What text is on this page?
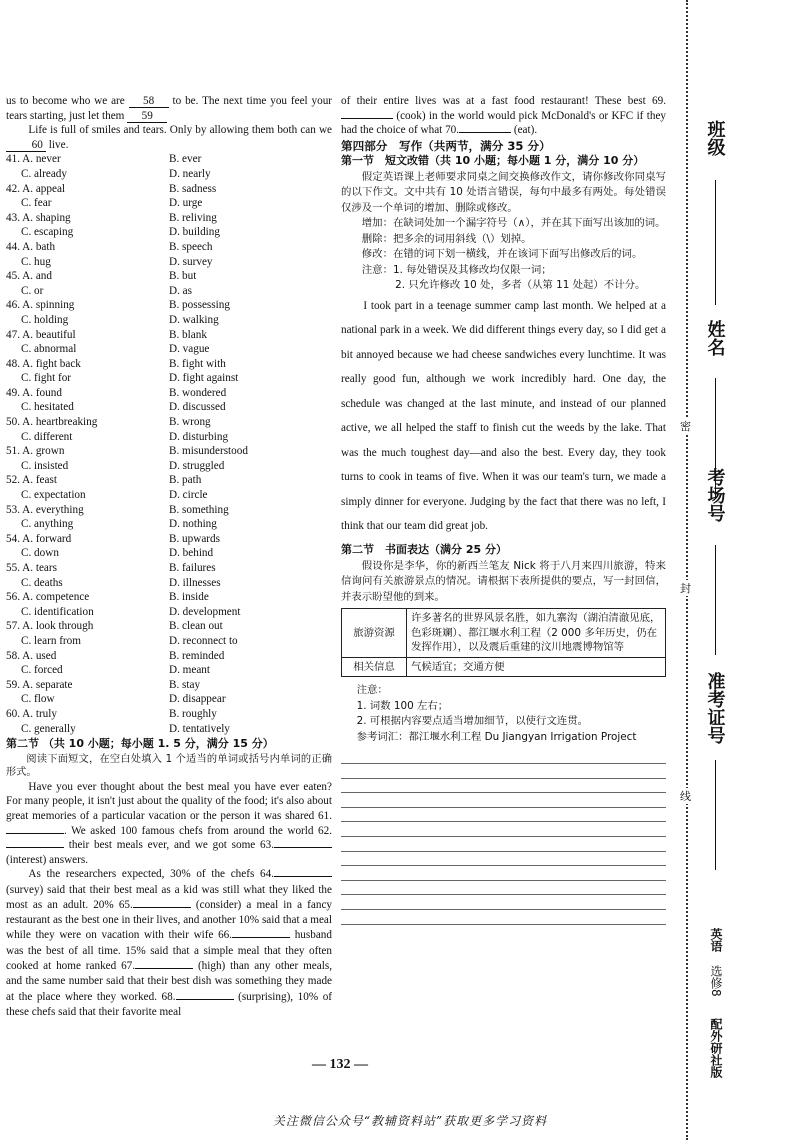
us to become who we are 58 to be. The next time you feel your tears starting, just let them 59

Life is full of smiles and tears. Only by allowing them both can we 60 live.

41. A. never	B. ever
C. already	D. nearly
42. A. appeal	B. sadness
C. fear	D. urge
43. A. shaping	B. reliving
C. escaping	D. building
44. A. bath	B. speech
C. hug	D. survey
45. A. and	B. but
C. or	D. as
46. A. spinning	B. possessing
C. holding	D. walking
47. A. beautiful	B. blank
C. abnormal	D. vague
48. A. fight back	B. fight with
C. fight for	D. fight against
49. A. found	B. wondered
C. hesitated	D. discussed
50. A. heartbreaking	B. wrong
C. different	D. disturbing
51. A. grown	B. misunderstood
C. insisted	D. struggled
52. A. feast	B. path
C. expectation	D. circle
53. A. everything	B. something
C. anything	D. nothing
54. A. forward	B. upwards
C. down	D. behind
55. A. tears	B. failures
C. deaths	D. illnesses
56. A. competence	B. inside
C. identification	D. development
57. A. look through	B. clean out
C. learn from	D. reconnect to
58. A. used	B. reminded
C. forced	D. meant
59. A. separate	B. stay
C. flow	D. disappear
60. A. truly	B. roughly
C. generally	D. tentatively
第二节 （共 10 小题；每小题 1. 5 分，满分 15 分）

阅读下面短文，在空白处填入 1 个适当的单词或括号内单词的正确形式。

Have you ever thought about the best meal you have ever eaten? For many people, it isn't just about the quality of the food; it's also about great memories of a particular vacation or the person it was shared 61.. We asked 100 famous chefs from around the world 62. their best meals ever, and we got some 63. (interest) answers.

As the researchers expected, 30% of the chefs 64. (survey) said that their best meal as a kid was still what they liked the most as an adult. 20% 65.	(consider) a meal in a fancy restaurant as the best one in their lives, and another 10% said that a meal while they were on vacation with their wife 66.	husband was the best of all time. 15% said that a simple meal that they often cooked at home ranked 67.	(high) than any other meals, and the same number said that their best dish was something they made at the place where they worked. 68.	(surprising), 10% of these chefs said that their favorite meal

of their entire lives was at a fast food restaurant! These best 69. (cook) in the world would pick McDonald's or KFC if they had the choice of what 70.	(eat).

第四部分　写作（共两节，满分 35 分）
第一节　短文改错（共 10 小题；每小题 1 分，满分 10 分）

假定英语课上老师要求同桌之间交换修改作文，请你修改你同桌写的以下作文。文中共有 10 处语言错误，每句中最多有两处。每处错误仅涉及一个单词的增加、删除或修改。

增加：在缺词处加一个漏字符号（∧），并在其下面写出该加的词。

删除：把多余的词用斜线（\）划掉。

修改：在错的词下划一横线，并在该词下面写出修改后的词。

注意：1. 每处错误及其修改均仅限一词；

2. 只允许修改 10 处，多者（从第 11 处起）不计分。

I took part in a teenage summer camp last month. We helped at a national park in a week. We did different things every day, so I did get a bit annoyed because we had cheese sandwiches every lunchtime. It was really good fun, although we work incredibly hard. One day, the schedule was changed at the last minute, and instead of our planned active, we all helped the staff to finish cut the weeds by the lake. That was the much toughest day—and also the best. Every day, they took turns to cook in teams of five. When it was our team's turn, we made a simply dinner for everyone. Judging by the fact that there was no left, I think that our team did great job.

第二节　书面表达（满分 25 分）

假设你是李华，你的新西兰笔友 Nick 将于八月来四川旅游，特来信询问有关旅游景点的情况。请根据下表所提供的要点，写一封回信，并表示盼望他的到来。

旅游资源	许多著名的世界风景名胜，如九寨沟（湖泊清澈见底，色彩斑斓）、都江堰水利工程（2 000 多年历史，仍在发挥作用），以及震后重建的汶川地震博物馆等
相关信息	气候适宜；交通方便
注意：
1. 词数 100 左右；
2. 可根据内容要点适当增加细节，以使行文连贯。
参考词汇：都江堰水利工程 Du Jiangyan Irrigation Project
— 132 —
关注微信公众号“教辅资料站”获取更多学习资料
班级
姓名
考场号
准考证号
密
封
线
英语
选修8
配外研社版
